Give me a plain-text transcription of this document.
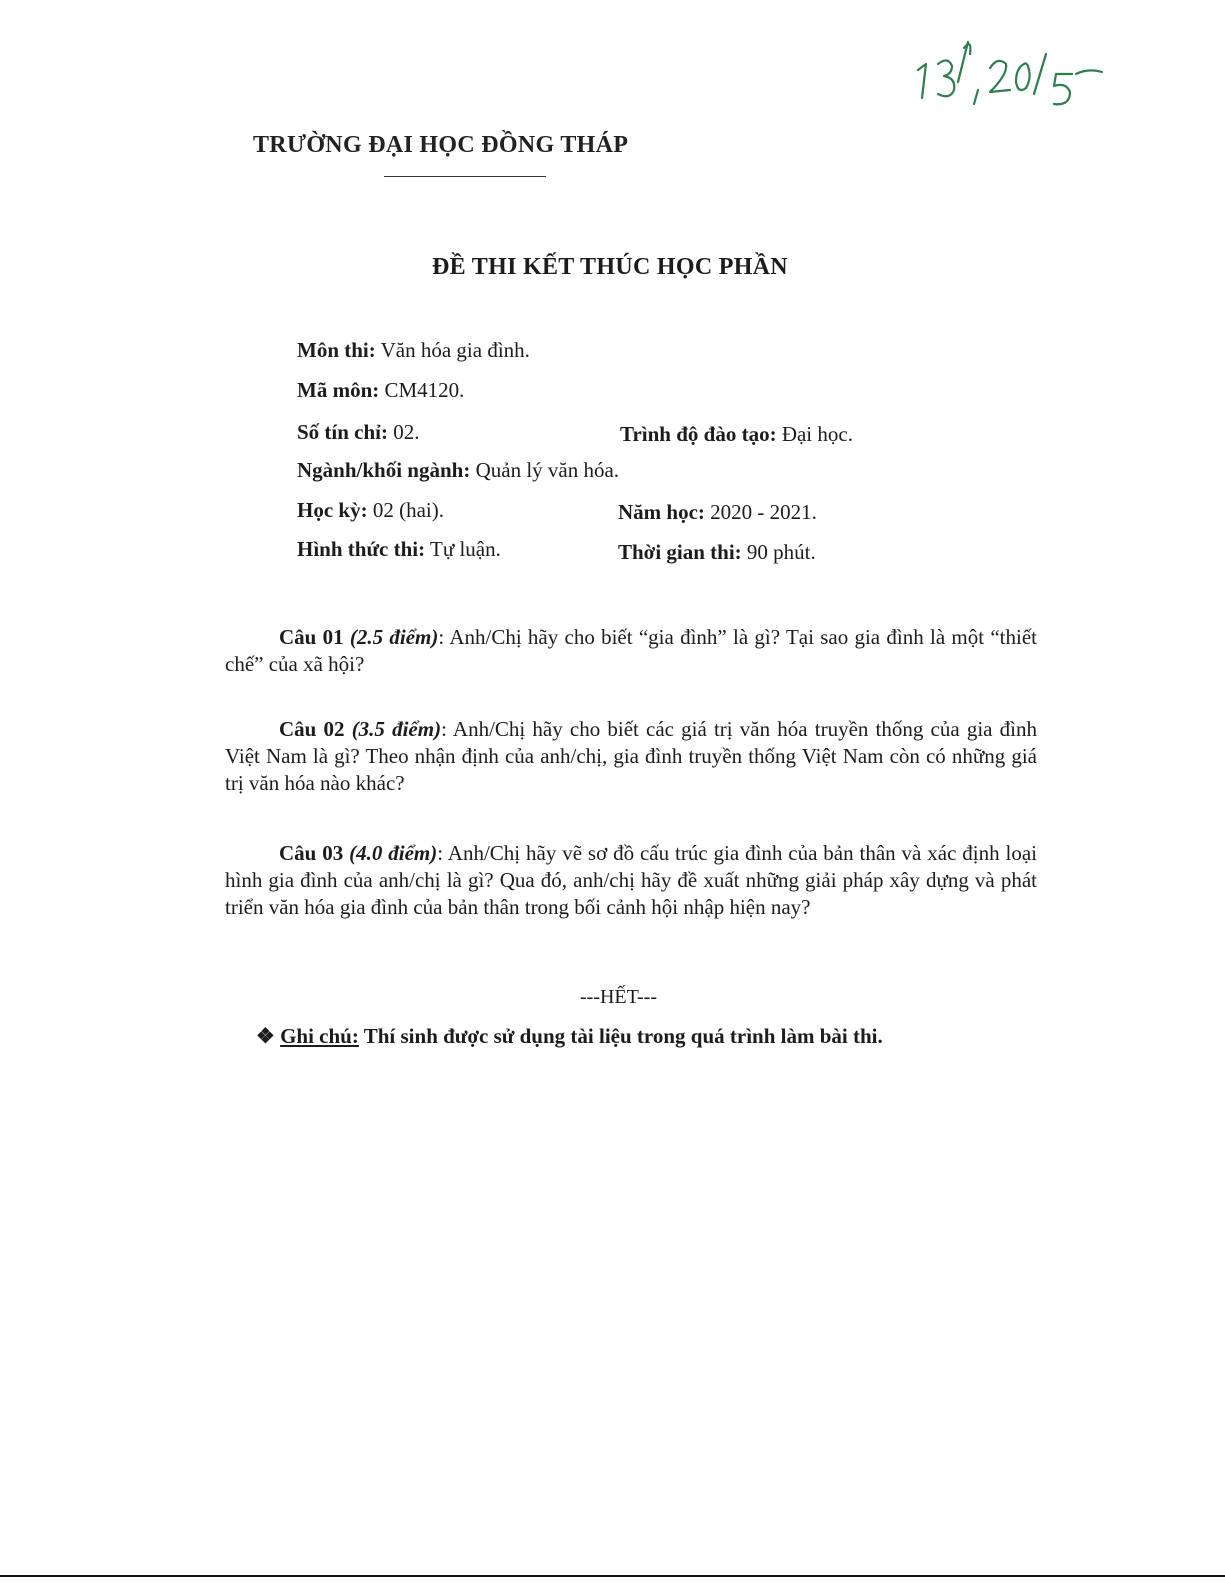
TRƯỜNG ĐẠI HỌC ĐỒNG THÁP
ĐỀ THI KẾT THÚC HỌC PHẦN
Môn thi: Văn hóa gia đình.
Mã môn: CM4120.
Số tín chỉ: 02.	Trình độ đào tạo: Đại học.
Ngành/khối ngành: Quản lý văn hóa.
Học kỳ: 02 (hai).	Năm học: 2020 - 2021.
Hình thức thi: Tự luận.	Thời gian thi: 90 phút.
Câu 01 (2.5 điểm): Anh/Chị hãy cho biết “gia đình” là gì? Tại sao gia đình là một “thiết chế” của xã hội?
Câu 02 (3.5 điểm): Anh/Chị hãy cho biết các giá trị văn hóa truyền thống của gia đình Việt Nam là gì? Theo nhận định của anh/chị, gia đình truyền thống Việt Nam còn có những giá trị văn hóa nào khác?
Câu 03 (4.0 điểm): Anh/Chị hãy vẽ sơ đồ cấu trúc gia đình của bản thân và xác định loại hình gia đình của anh/chị là gì? Qua đó, anh/chị hãy đề xuất những giải pháp xây dựng và phát triển văn hóa gia đình của bản thân trong bối cảnh hội nhập hiện nay?
---HẾT---
❖ Ghi chú: Thí sinh được sử dụng tài liệu trong quá trình làm bài thi.
